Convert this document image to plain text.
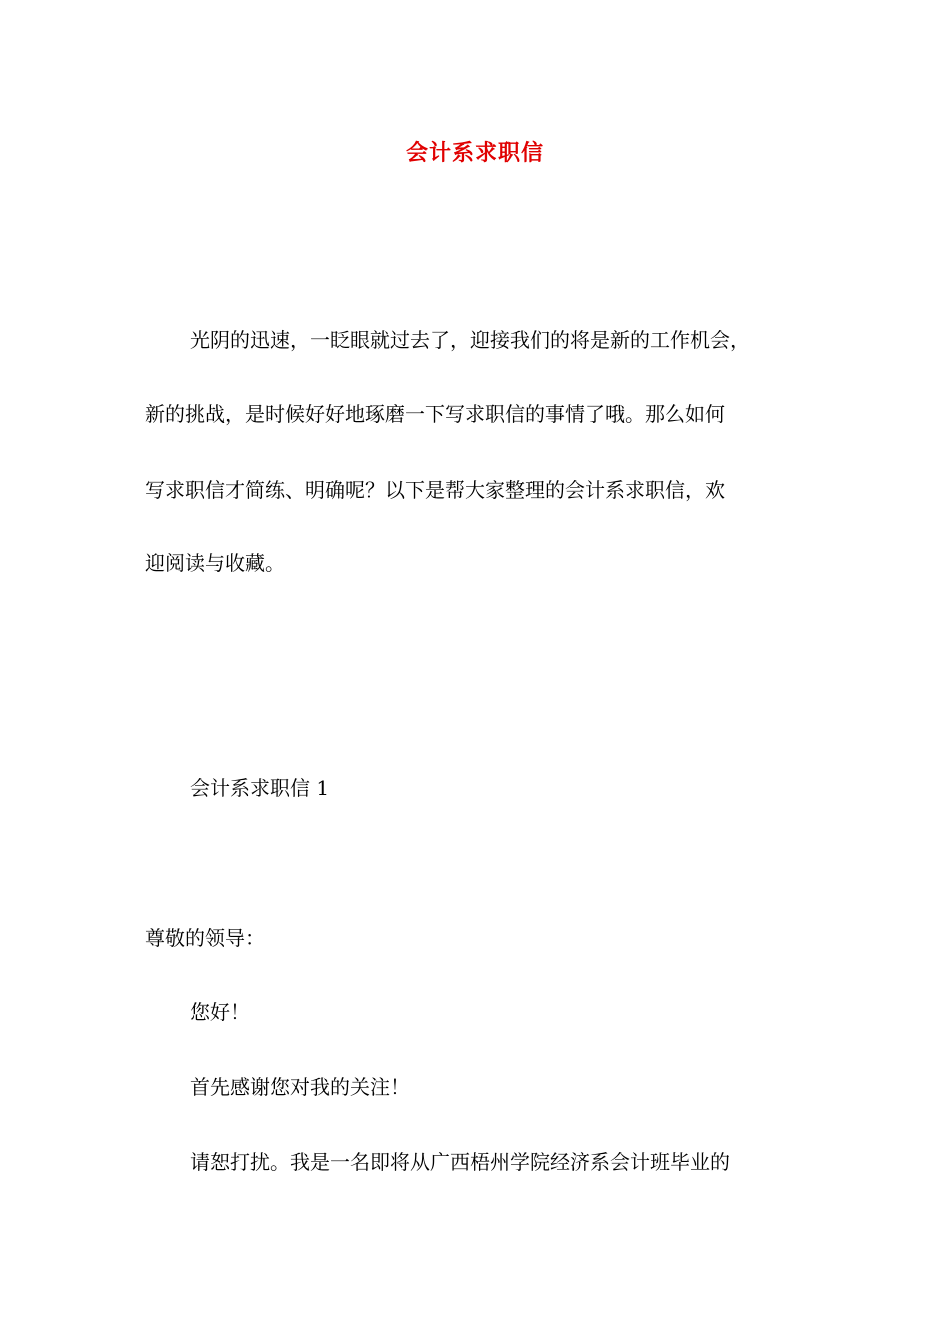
会计系求职信
光阴的迅速，一眨眼就过去了，迎接我们的将是新的工作机会，
新的挑战，是时候好好地琢磨一下写求职信的事情了哦。那么如何
写求职信才简练、明确呢？以下是帮大家整理的会计系求职信，欢
迎阅读与收藏。
会计系求职信 1
尊敬的领导：
您好！
首先感谢您对我的关注！
请恕打扰。我是一名即将从广西梧州学院经济系会计班毕业的
